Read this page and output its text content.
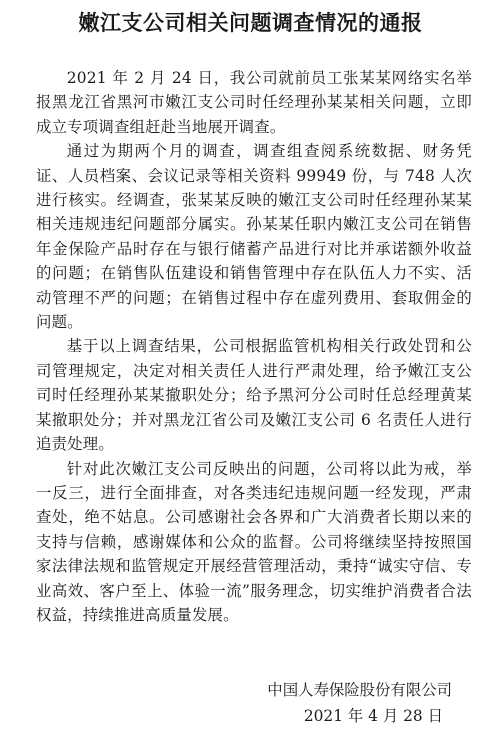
嫩江支公司相关问题调查情况的通报

2021 年 2 月 24 日，我公司就前员工张某某网络实名举报黑龙江省黑河市嫩江支公司时任经理孙某某相关问题，立即成立专项调查组赶赴当地展开调查。

通过为期两个月的调查，调查组查阅系统数据、财务凭证、人员档案、会议记录等相关资料 99949 份，与 748 人次进行核实。经调查，张某某反映的嫩江支公司时任经理孙某某相关违规违纪问题部分属实。孙某某任职内嫩江支公司在销售年金保险产品时存在与银行储蓄产品进行对比并承诺额外收益的问题；在销售队伍建设和销售管理中存在队伍人力不实、活动管理不严的问题；在销售过程中存在虚列费用、套取佣金的问题。

基于以上调查结果，公司根据监管机构相关行政处罚和公司管理规定，决定对相关责任人进行严肃处理，给予嫩江支公司时任经理孙某某撤职处分；给予黑河分公司时任总经理黄某某撤职处分；并对黑龙江省公司及嫩江支公司 6 名责任人进行追责处理。

针对此次嫩江支公司反映出的问题，公司将以此为戒，举一反三，进行全面排查，对各类违纪违规问题一经发现，严肃查处，绝不姑息。公司感谢社会各界和广大消费者长期以来的支持与信赖，感谢媒体和公众的监督。公司将继续坚持按照国家法律法规和监管规定开展经营管理活动，秉持“诚实守信、专业高效、客户至上、体验一流”服务理念，切实维护消费者合法权益，持续推进高质量发展。

中国人寿保险股份有限公司
2021 年 4 月 28 日
